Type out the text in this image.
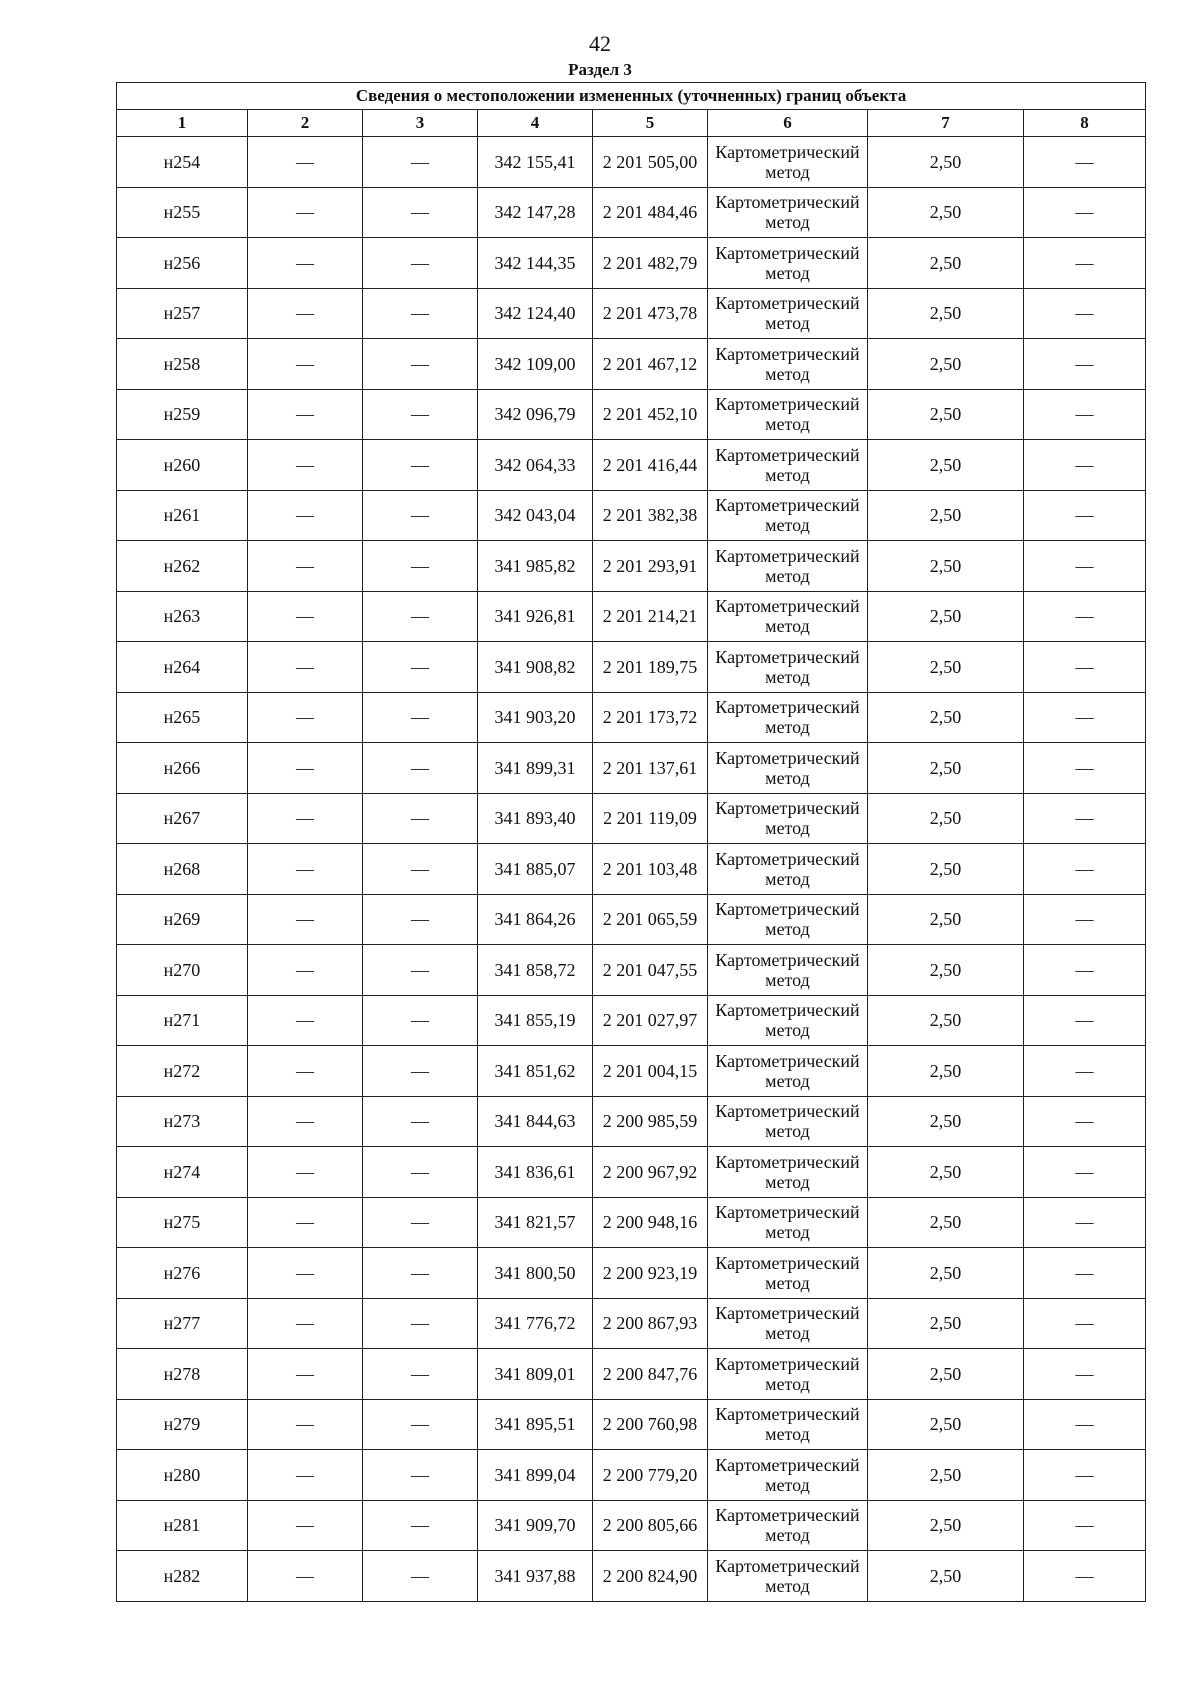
42
Раздел 3
Сведения о местоположении измененных (уточненных) границ объекта							
1	2	3	4	5	6	7	8
н254	—	—	342 155,41	2 201 505,00	Картометрический метод	2,50	—
н255	—	—	342 147,28	2 201 484,46	Картометрический метод	2,50	—
н256	—	—	342 144,35	2 201 482,79	Картометрический метод	2,50	—
н257	—	—	342 124,40	2 201 473,78	Картометрический метод	2,50	—
н258	—	—	342 109,00	2 201 467,12	Картометрический метод	2,50	—
н259	—	—	342 096,79	2 201 452,10	Картометрический метод	2,50	—
н260	—	—	342 064,33	2 201 416,44	Картометрический метод	2,50	—
н261	—	—	342 043,04	2 201 382,38	Картометрический метод	2,50	—
н262	—	—	341 985,82	2 201 293,91	Картометрический метод	2,50	—
н263	—	—	341 926,81	2 201 214,21	Картометрический метод	2,50	—
н264	—	—	341 908,82	2 201 189,75	Картометрический метод	2,50	—
н265	—	—	341 903,20	2 201 173,72	Картометрический метод	2,50	—
н266	—	—	341 899,31	2 201 137,61	Картометрический метод	2,50	—
н267	—	—	341 893,40	2 201 119,09	Картометрический метод	2,50	—
н268	—	—	341 885,07	2 201 103,48	Картометрический метод	2,50	—
н269	—	—	341 864,26	2 201 065,59	Картометрический метод	2,50	—
н270	—	—	341 858,72	2 201 047,55	Картометрический метод	2,50	—
н271	—	—	341 855,19	2 201 027,97	Картометрический метод	2,50	—
н272	—	—	341 851,62	2 201 004,15	Картометрический метод	2,50	—
н273	—	—	341 844,63	2 200 985,59	Картометрический метод	2,50	—
н274	—	—	341 836,61	2 200 967,92	Картометрический метод	2,50	—
н275	—	—	341 821,57	2 200 948,16	Картометрический метод	2,50	—
н276	—	—	341 800,50	2 200 923,19	Картометрический метод	2,50	—
н277	—	—	341 776,72	2 200 867,93	Картометрический метод	2,50	—
н278	—	—	341 809,01	2 200 847,76	Картометрический метод	2,50	—
н279	—	—	341 895,51	2 200 760,98	Картометрический метод	2,50	—
н280	—	—	341 899,04	2 200 779,20	Картометрический метод	2,50	—
н281	—	—	341 909,70	2 200 805,66	Картометрический метод	2,50	—
н282	—	—	341 937,88	2 200 824,90	Картометрический метод	2,50	—
